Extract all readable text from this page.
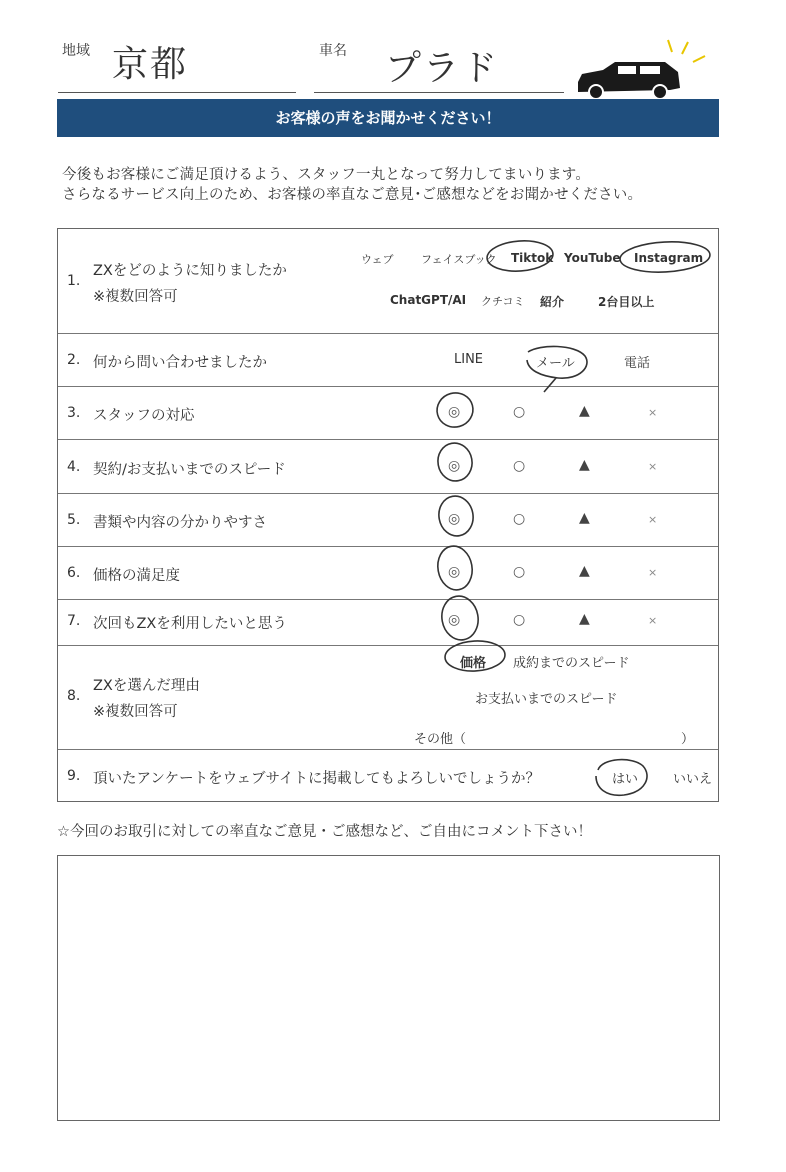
地域 京都	車名 プラド
お客様の声をお聞かせください！
今後もお客様にご満足頂けるよう、スタッフ一丸となって努力してまいります。
さらなるサービス向上のため、お客様の率直なご意見･ご感想などをお聞かせください。
1.
ZXをどのように知りましたか
※複数回答可
ウェブ フェイスブック Tiktok YouTube Instagram
ChatGPT/AI クチコミ 紹介	2台目以上
2. 何から問い合わせましたか	LINE	メール	電話
3. スタッフの対応	◎	○	▲	×
4. 契約/お支払いまでのスピード	◎	○	▲	×
5. 書類や内容の分かりやすさ	◎	○	▲	×
6. 価格の満足度	◎	○	▲	×
7. 次回もZXを利用したいと思う	◎	○	▲	×
8.
ZXを選んだ理由
※複数回答可
価格 成約までのスピード
お支払いまでのスピード
その他（	）
9. 頂いたアンケートをウェブサイトに掲載してもよろしいでしょうか？	はい	いいえ
☆今回のお取引に対しての率直なご意見・ご感想など、ご自由にコメント下さい！
